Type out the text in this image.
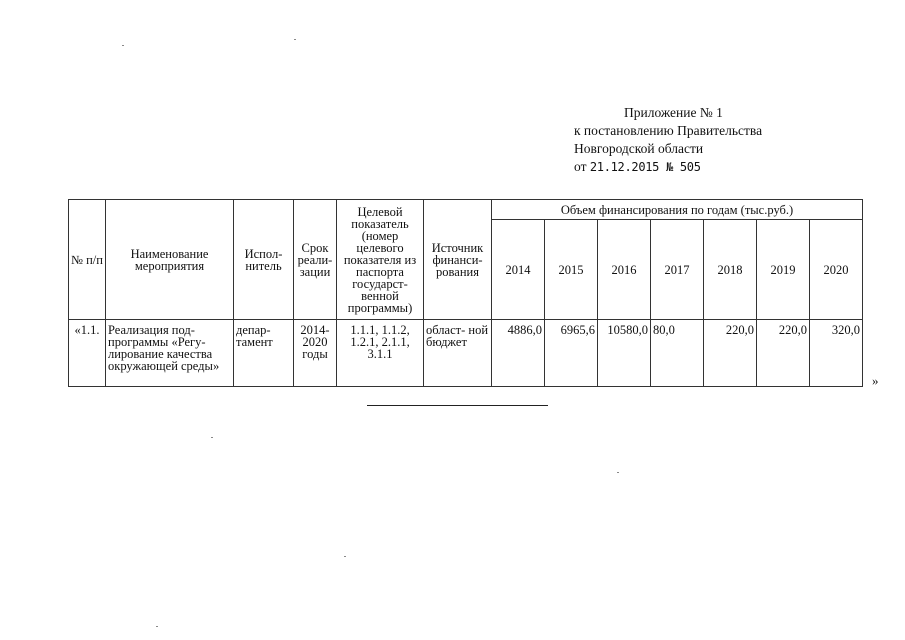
Приложение № 1
к постановлению Правительства
Новгородской области
от 21.12.2015 № 505
№ п/п	Наименование мероприятия	Испол- нитель	Срок реали- зации	Целевой показатель (номер целевого показателя из паспорта государст- венной программы)	Источник финанси- рования	Объем финансирования по годам (тыс.руб.)						
						2014	2015	2016	2017	2018	2019	2020
«1.1.	Реализация под- программы «Регу- лирование качества окружающей среды»	депар- тамент	2014- 2020 годы	1.1.1, 1.1.2, 1.2.1, 2.1.1, 3.1.1	област- ной бюджет	4886,0	6965,6	10580,0	80,0	220,0	220,0	320,0
»
